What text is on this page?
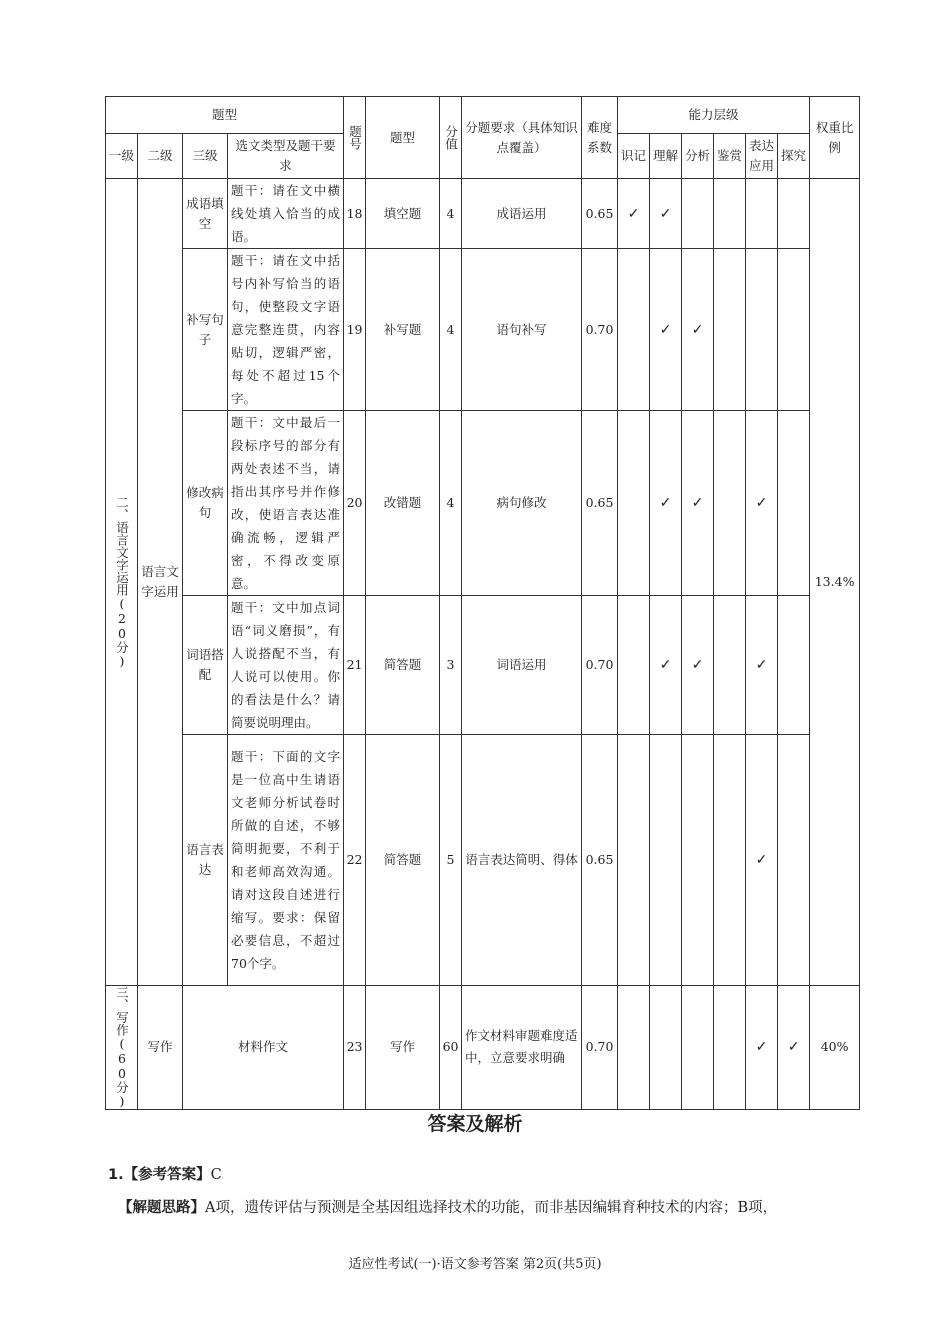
题型				题号	题型	分值	分题要求（具体知识点覆盖）	难度系数	能力层级						权重比例
一级	二级	三级	选文类型及题干要求						识记	理解	分析	鉴赏	表达应用	探究	

二、语言文字运用(20分)	语言文字运用	成语填空	题干：请在文中横线处填入恰当的成语。	18	填空题	4	成语运用	0.65	✓	✓					13.4%
		补写句子	题干：请在文中括号内补写恰当的语句，使整段文字语意完整连贯，内容贴切，逻辑严密，每处不超过15个字。	19	补写题	4	语句补写	0.70		✓	✓				
		修改病句	题干：文中最后一段标序号的部分有两处表述不当，请指出其序号并作修改，使语言表达准确流畅，逻辑严密，不得改变原意。	20	改错题	4	病句修改	0.65		✓	✓		✓		
		词语搭配	题干：文中加点词语“词义磨损”，有人说搭配不当，有人说可以使用。你的看法是什么？请简要说明理由。	21	简答题	3	词语运用	0.70		✓	✓		✓		
		语言表达	题干：下面的文字是一位高中生请语文老师分析试卷时所做的自述，不够简明扼要，不利于和老师高效沟通。请对这段自述进行缩写。要求：保留必要信息，不超过70个字。	22	简答题	5	语言表达简明、得体	0.65					✓		

三、写作(60分)	写作	材料作文		23	写作	60	作文材料审题难度适中，立意要求明确	0.70					✓	✓	40%
答案及解析
1.【参考答案】C
【解题思路】A项，遗传评估与预测是全基因组选择技术的功能，而非基因编辑育种技术的内容；B项，
适应性考试(一)·语文参考答案 第2页(共5页)
